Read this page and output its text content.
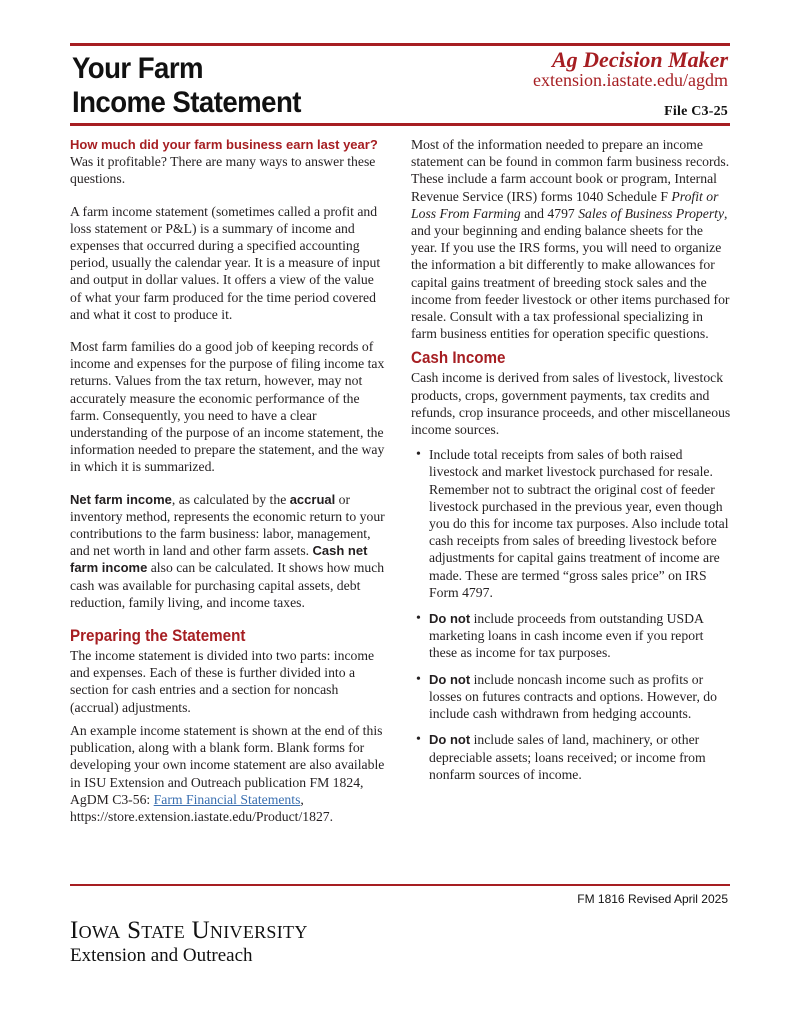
Your Farm
Income Statement
Ag Decision Maker
extension.iastate.edu/agdm
File C3-25

How much did your farm business earn last year?
Was it profitable? There are many ways to answer these questions.

A farm income statement (sometimes called a profit and loss statement or P&L) is a summary of income and expenses that occurred during a specified accounting period, usually the calendar year. It is a measure of input and output in dollar values. It offers a view of the value of what your farm produced for the time period covered and what it cost to produce it.

Most farm families do a good job of keeping records of income and expenses for the purpose of filing income tax returns. Values from the tax return, however, may not accurately measure the economic performance of the farm. Consequently, you need to have a clear understanding of the purpose of an income statement, the information needed to prepare the statement, and the way in which it is summarized.

Net farm income, as calculated by the accrual or inventory method, represents the economic return to your contributions to the farm business: labor, management, and net worth in land and other farm assets. Cash net farm income also can be calculated. It shows how much cash was available for purchasing capital assets, debt reduction, family living, and income taxes.

Preparing the Statement

The income statement is divided into two parts: income and expenses. Each of these is further divided into a section for cash entries and a section for noncash (accrual) adjustments.

An example income statement is shown at the end of this publication, along with a blank form. Blank forms for developing your own income statement are also available in ISU Extension and Outreach publication FM 1824, AgDM C3-56: Farm Financial Statements, https://store.extension.iastate.edu/Product/1827.

Most of the information needed to prepare an income statement can be found in common farm business records. These include a farm account book or program, Internal Revenue Service (IRS) forms 1040 Schedule F Profit or Loss From Farming and 4797 Sales of Business Property, and your beginning and ending balance sheets for the year. If you use the IRS forms, you will need to organize the information a bit differently to make allowances for capital gains treatment of breeding stock sales and the income from feeder livestock or other items purchased for resale. Consult with a tax professional specializing in farm business entities for operation specific questions.

Cash Income

Cash income is derived from sales of livestock, livestock products, crops, government payments, tax credits and refunds, crop insurance proceeds, and other miscellaneous income sources.

• Include total receipts from sales of both raised livestock and market livestock purchased for resale. Remember not to subtract the original cost of feeder livestock purchased in the previous year, even though you do this for income tax purposes. Also include total cash receipts from sales of breeding livestock before adjustments for capital gains treatment of income are made. These are termed “gross sales price” on IRS Form 4797.
• Do not include proceeds from outstanding USDA marketing loans in cash income even if you report these as income for tax purposes.
• Do not include noncash income such as profits or losses on futures contracts and options. However, do include cash withdrawn from hedging accounts.
• Do not include sales of land, machinery, or other depreciable assets; loans received; or income from nonfarm sources of income.
FM 1816 Revised April 2025
Iowa State University
Extension and Outreach
